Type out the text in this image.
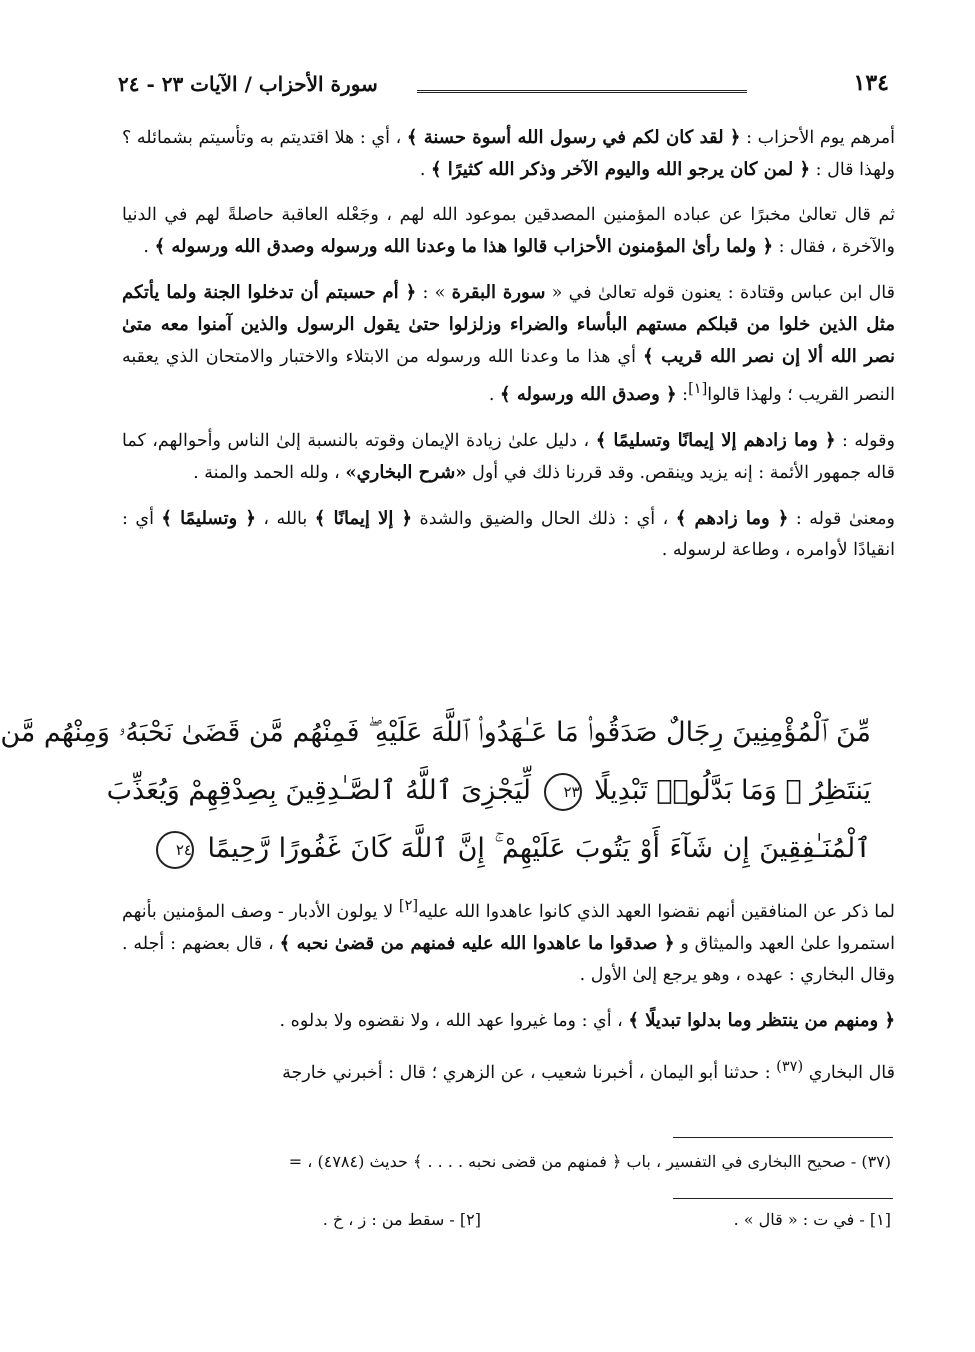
١٣٤
سورة الأحزاب / الآيات ٢٣ - ٢٤

أمرهم يوم الأحزاب : ﴿ لقد كان لكم في رسول الله أسوة حسنة ﴾ ، أي : هلا اقتديتم به وتأسيتم بشمائله ؟ ولهذا قال : ﴿ لمن كان يرجو الله واليوم الآخر وذكر الله كثيرًا ﴾ .

ثم قال تعالىٰ مخبرًا عن عباده المؤمنين المصدقين بموعود الله لهم ، وجَعْله العاقبة حاصلةً لهم في الدنيا والآخرة ، فقال : ﴿ ولما رأىٰ المؤمنون الأحزاب قالوا هذا ما وعدنا الله ورسوله وصدق الله ورسوله ﴾ .

قال ابن عباس وقتادة : يعنون قوله تعالىٰ في « سورة البقرة » : ﴿ أم حسبتم أن تدخلوا الجنة ولما يأتكم مثل الذين خلوا من قبلكم مستهم البأساء والضراء وزلزلوا حتىٰ يقول الرسول والذين آمنوا معه متىٰ نصر الله ألا إن نصر الله قريب ﴾ أي هذا ما وعدنا الله ورسوله من الابتلاء والاختبار والامتحان الذي يعقبه النصر القريب ؛ ولهذا قالوا[١]: ﴿ وصدق الله ورسوله ﴾ .

وقوله : ﴿ وما زادهم إلا إيمانًا وتسليمًا ﴾ ، دليل علىٰ زيادة الإيمان وقوته بالنسبة إلىٰ الناس وأحوالهم، كما قاله جمهور الأئمة : إنه يزيد وينقص. وقد قررنا ذلك في أول «شرح البخاري» ، ولله الحمد والمنة .

ومعنىٰ قوله : ﴿ وما زادهم ﴾ ، أي : ذلك الحال والضيق والشدة ﴿ إلا إيمانًا ﴾ بالله ، ﴿ وتسليمًا ﴾ أي : انقيادًا لأوامره ، وطاعة لرسوله .

مِّنَ ٱلْمُؤْمِنِينَ رِجَالٌ صَدَقُوا۟ مَا عَـٰهَدُوا۟ ٱللَّهَ عَلَيْهِ ۖ فَمِنْهُم مَّن قَضَىٰ نَحْبَهُۥ وَمِنْهُم مَّن
يَنتَظِرُ ۖ وَمَا بَدَّلُوا۟ تَبْدِيلًا ٢٣ لِّيَجْزِىَ ٱللَّهُ ٱلصَّـٰدِقِينَ بِصِدْقِهِمْ وَيُعَذِّبَ
ٱلْمُنَـٰفِقِينَ إِن شَآءَ أَوْ يَتُوبَ عَلَيْهِمْ ۚ إِنَّ ٱللَّهَ كَانَ غَفُورًا رَّحِيمًا ٢٤

لما ذكر عن المنافقين أنهم نقضوا العهد الذي كانوا عاهدوا الله عليه[٢] لا يولون الأدبار - وصف المؤمنين بأنهم استمروا علىٰ العهد والميثاق و ﴿ صدقوا ما عاهدوا الله عليه فمنهم من قضىٰ نحبه ﴾ ، قال بعضهم : أجله . وقال البخاري : عهده ، وهو يرجع إلىٰ الأول .

﴿ ومنهم من ينتظر وما بدلوا تبديلًا ﴾ ، أي : وما غيروا عهد الله ، ولا نقضوه ولا بدلوه .

قال البخاري $^{(٣٧)}$ : حدثنا أبو اليمان ، أخبرنا شعيب ، عن الزهري ؛ قال : أخبرني خارجة

(٣٧) - صحيح االبخارى في التفسير ، باب ﴿ فمنهم من قضى نحبه . . . . ﴾ حديث (٤٧٨٤) ، =
[١] - في ت : « قال » .
[٢] - سقط من : ز ، خ .
